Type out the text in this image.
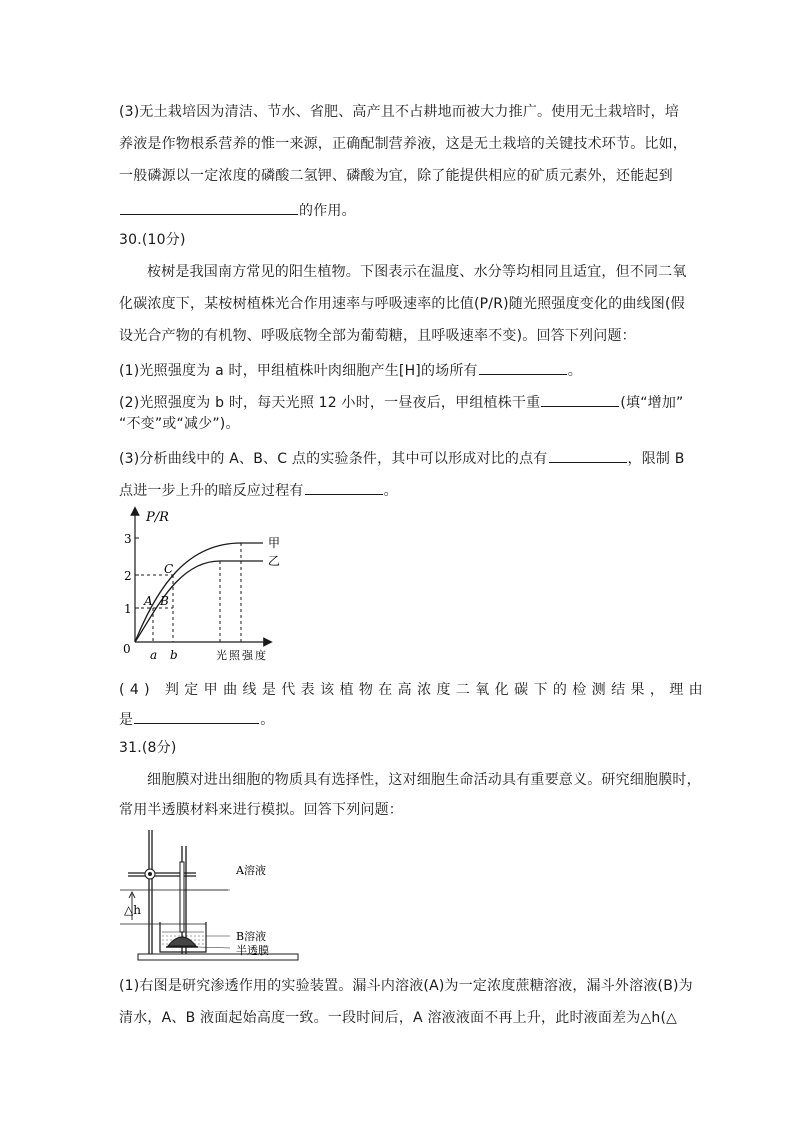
(3)无土栽培因为清洁、节水、省肥、高产且不占耕地而被大力推广。使用无土栽培时，培
养液是作物根系营养的惟一来源，正确配制营养液，这是无土栽培的关键技术环节。比如，
一般磷源以一定浓度的磷酸二氢钾、磷酸为宜，除了能提供相应的矿质元素外，还能起到
的作用。
30.(10分)
桉树是我国南方常见的阳生植物。下图表示在温度、水分等均相同且适宜，但不同二氧
化碳浓度下，某桉树植株光合作用速率与呼吸速率的比值(P/R)随光照强度变化的曲线图(假
设光合产物的有机物、呼吸底物全部为葡萄糖，且呼吸速率不变)。回答下列问题：
(1)光照强度为 a 时，甲组植株叶肉细胞产生[H]的场所有	。
(2)光照强度为 b 时，每天光照 12 小时，一昼夜后，甲组植株干重	(填“增加”
“不变”或“减少”)。
(3)分析曲线中的 A、B、C 点的实验条件，其中可以形成对比的点有	，限制 B
点进一步上升的暗反应过程有	。
P/R
3
2
1
0
甲
乙
A B
C
a b	光照强度
(4) 判定甲曲线是代表该植物在高浓度二氧化碳下的检测结果，理由
是	。
31.(8分)
细胞膜对进出细胞的物质具有选择性，这对细胞生命活动具有重要意义。研究细胞膜时，
常用半透膜材料来进行模拟。回答下列问题：
△h
A溶液
B溶液
半透膜
(1)右图是研究渗透作用的实验装置。漏斗内溶液(A)为一定浓度蔗糖溶液，漏斗外溶液(B)为
清水，A、B 液面起始高度一致。一段时间后，A 溶液液面不再上升，此时液面差为△h(△
